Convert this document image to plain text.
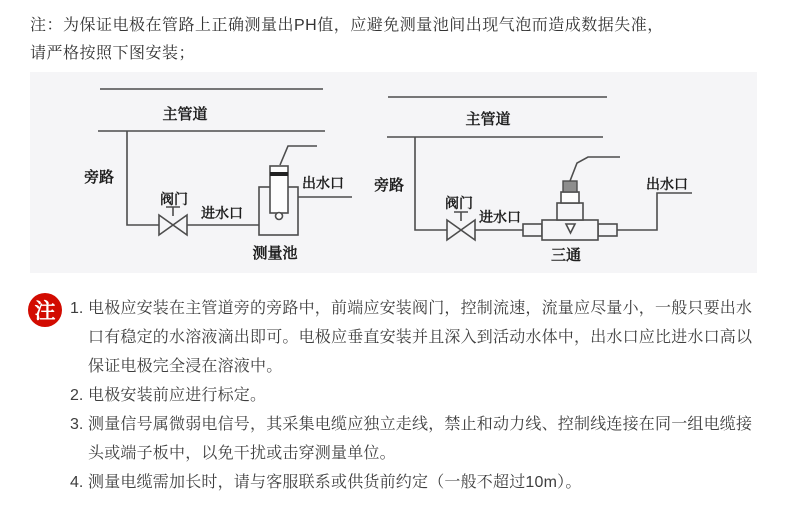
注：为保证电极在管路上正确测量出PH值，应避免测量池间出现气泡而造成数据失准，
请严格按照下图安装；

主管道
旁路
阀门
进水口
出水口
测量池
主管道
旁路
阀门
进水口
出水口
三通
注 1. 电极应安装在主管道旁的旁路中，前端应安装阀门，控制流速，流量应尽量小，一般只要出水口有稳定的水溶液滴出即可。电极应垂直安装并且深入到活动水体中，出水口应比进水口高以保证电极完全浸在溶液中。
2. 电极安装前应进行标定。
3. 测量信号属微弱电信号，其采集电缆应独立走线，禁止和动力线、控制线连接在同一组电缆接头或端子板中，以免干扰或击穿测量单位。
4. 测量电缆需加长时，请与客服联系或供货前约定（一般不超过10m）。
